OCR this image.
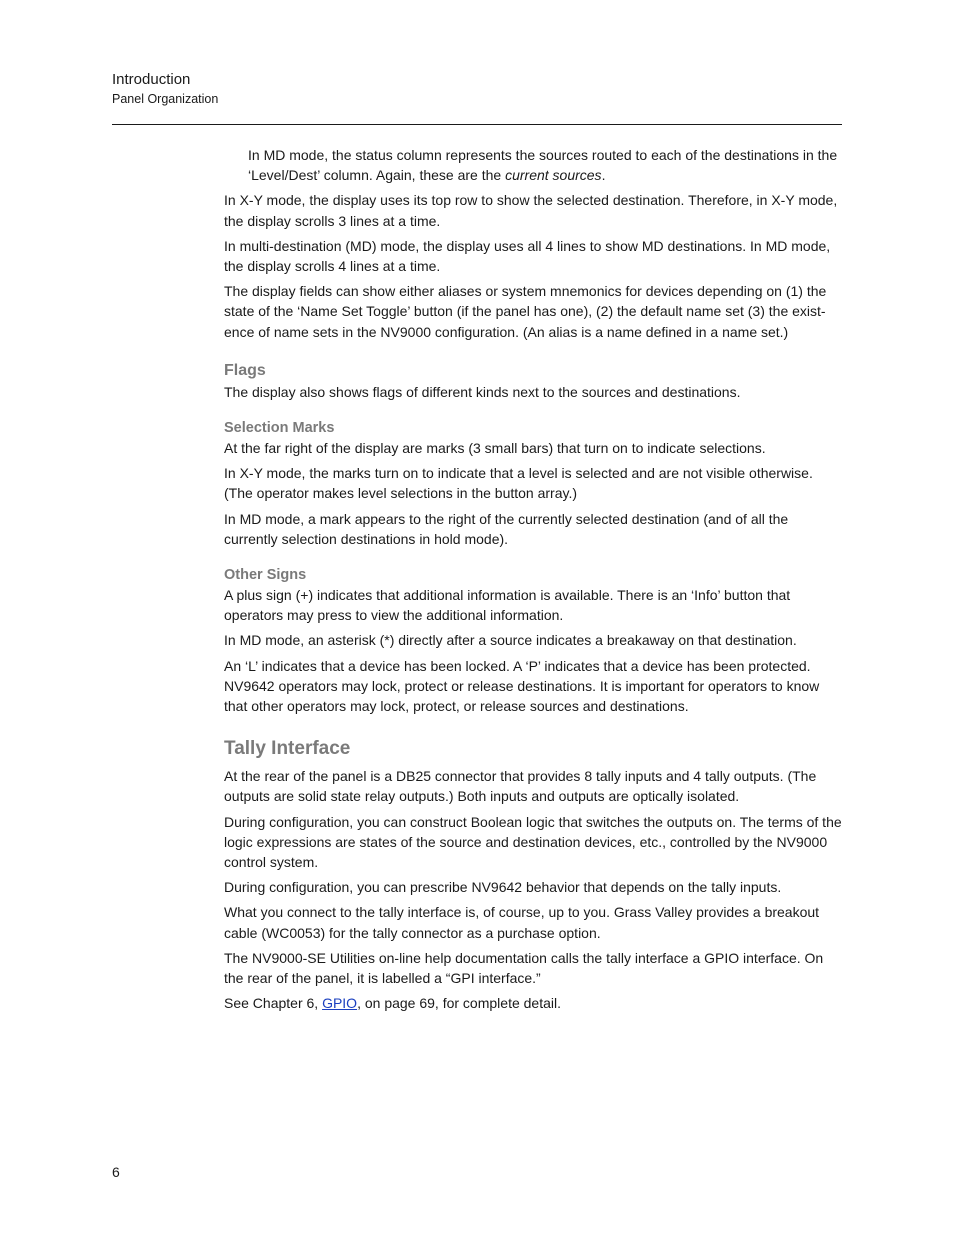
Introduction
Panel Organization

In MD mode, the status column represents the sources routed to each of the destinations in the ‘Level/Dest’ column. Again, these are the current sources.

In X-Y mode, the display uses its top row to show the selected destination. Therefore, in X-Y mode, the display scrolls 3 lines at a time.

In multi-destination (MD) mode, the display uses all 4 lines to show MD destinations. In MD mode, the display scrolls 4 lines at a time.

The display fields can show either aliases or system mnemonics for devices depending on (1) the state of the ‘Name Set Toggle’ button (if the panel has one), (2) the default name set (3) the existence of name sets in the NV9000 configuration. (An alias is a name defined in a name set.)

Flags

The display also shows flags of different kinds next to the sources and destinations.

Selection Marks

At the far right of the display are marks (3 small bars) that turn on to indicate selections.

In X-Y mode, the marks turn on to indicate that a level is selected and are not visible otherwise. (The operator makes level selections in the button array.)

In MD mode, a mark appears to the right of the currently selected destination (and of all the currently selection destinations in hold mode).

Other Signs

A plus sign (+) indicates that additional information is available. There is an ‘Info’ button that operators may press to view the additional information.

In MD mode, an asterisk (*) directly after a source indicates a breakaway on that destination.

An ‘L’ indicates that a device has been locked. A ‘P’ indicates that a device has been protected. NV9642 operators may lock, protect or release destinations. It is important for operators to know that other operators may lock, protect, or release sources and destinations.

Tally Interface

At the rear of the panel is a DB25 connector that provides 8 tally inputs and 4 tally outputs. (The outputs are solid state relay outputs.) Both inputs and outputs are optically isolated.

During configuration, you can construct Boolean logic that switches the outputs on. The terms of the logic expressions are states of the source and destination devices, etc., controlled by the NV9000 control system.

During configuration, you can prescribe NV9642 behavior that depends on the tally inputs.

What you connect to the tally interface is, of course, up to you. Grass Valley provides a breakout cable (WC0053) for the tally connector as a purchase option.

The NV9000-SE Utilities on-line help documentation calls the tally interface a GPIO interface. On the rear of the panel, it is labelled a “GPI interface.”

See Chapter 6, GPIO, on page 69, for complete detail.

6
